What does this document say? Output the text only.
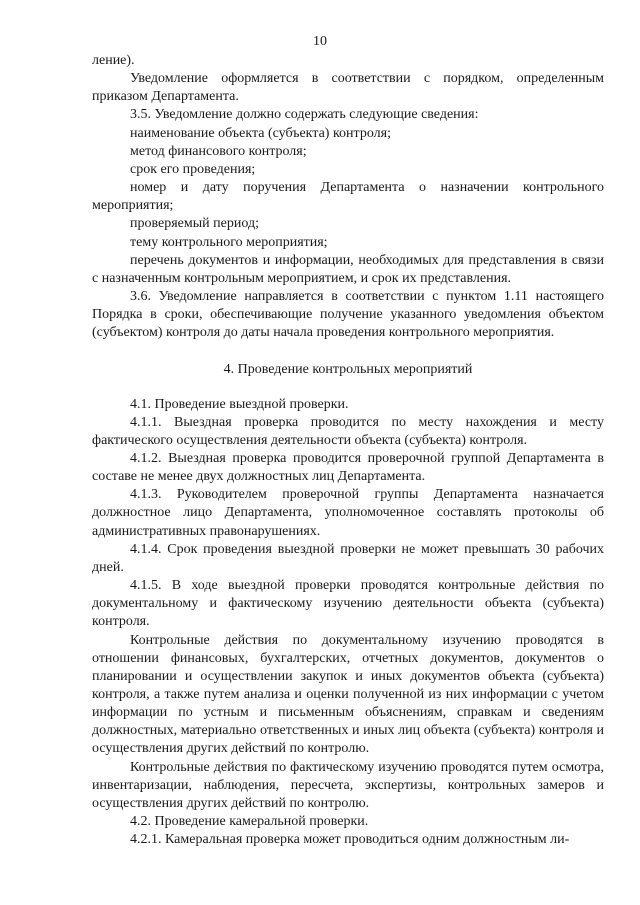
10

ление).

Уведомление оформляется в соответствии с порядком, определенным приказом Департамента.

3.5. Уведомление должно содержать следующие сведения:

наименование объекта (субъекта) контроля;

метод финансового контроля;

срок его проведения;

номер и дату поручения Департамента о назначении контрольного мероприятия;

проверяемый период;

тему контрольного мероприятия;

перечень документов и информации, необходимых для представления в связи с назначенным контрольным мероприятием, и срок их представления.

3.6. Уведомление направляется в соответствии с пунктом 1.11 настоящего Порядка в сроки, обеспечивающие получение указанного уведомления объектом (субъектом) контроля до даты начала проведения контрольного мероприятия.

4. Проведение контрольных мероприятий

4.1. Проведение выездной проверки.

4.1.1. Выездная проверка проводится по месту нахождения и месту фактического осуществления деятельности объекта (субъекта) контроля.

4.1.2. Выездная проверка проводится проверочной группой Департамента в составе не менее двух должностных лиц Департамента.

4.1.3. Руководителем проверочной группы Департамента назначается должностное лицо Департамента, уполномоченное составлять протоколы об административных правонарушениях.

4.1.4. Срок проведения выездной проверки не может превышать 30 рабочих дней.

4.1.5. В ходе выездной проверки проводятся контрольные действия по документальному и фактическому изучению деятельности объекта (субъекта) контроля.

Контрольные действия по документальному изучению проводятся в отношении финансовых, бухгалтерских, отчетных документов, документов о планировании и осуществлении закупок и иных документов объекта (субъекта) контроля, а также путем анализа и оценки полученной из них информации с учетом информации по устным и письменным объяснениям, справкам и сведениям должностных, материально ответственных и иных лиц объекта (субъекта) контроля и осуществления других действий по контролю.

Контрольные действия по фактическому изучению проводятся путем осмотра, инвентаризации, наблюдения, пересчета, экспертизы, контрольных замеров и осуществления других действий по контролю.

4.2. Проведение камеральной проверки.

4.2.1. Камеральная проверка может проводиться одним должностным ли-
